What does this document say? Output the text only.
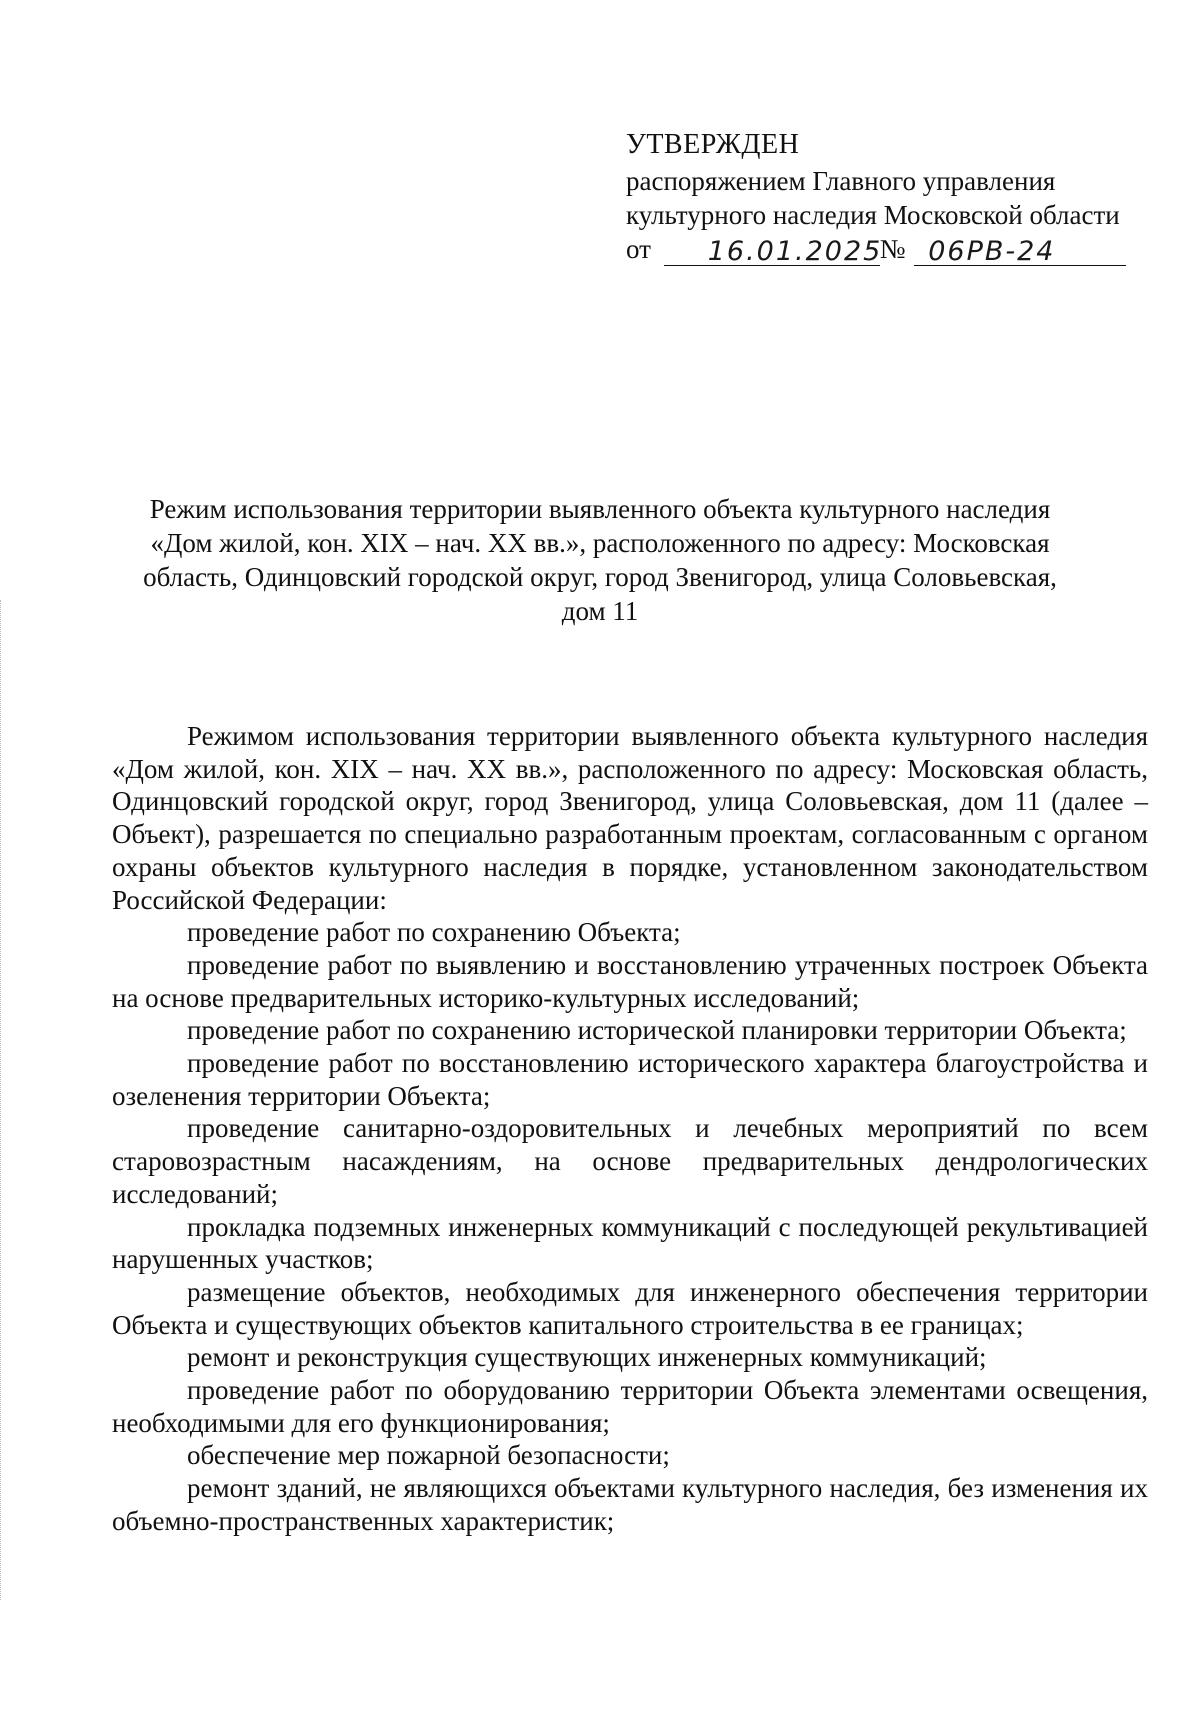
УТВЕРЖДЕН
распоряжением Главного управления
культурного наследия Московской области
от 16.01.2025
№ 06РВ-24
Режим использования территории выявленного объекта культурного наследия
«Дом жилой, кон. XIX – нач. XX вв.», расположенного по адресу: Московская
область, Одинцовский городской округ, город Звенигород, улица Соловьевская,
дом 11

Режимом использования территории выявленного объекта культурного наследия «Дом жилой, кон. XIX – нач. XX вв.», расположенного по адресу: Московская область, Одинцовский городской округ, город Звенигород, улица Соловьевская, дом 11 (далее – Объект), разрешается по специально разработанным проектам, согласованным с органом охраны объектов культурного наследия в порядке, установленном законодательством Российской Федерации:

проведение работ по сохранению Объекта;

проведение работ по выявлению и восстановлению утраченных построек Объекта на основе предварительных историко-культурных исследований;

проведение работ по сохранению исторической планировки территории Объекта;

проведение работ по восстановлению исторического характера благоустройства и озеленения территории Объекта;

проведение санитарно-оздоровительных и лечебных мероприятий по всем старовозрастным насаждениям, на основе предварительных дендрологических исследований;

прокладка подземных инженерных коммуникаций с последующей рекультивацией нарушенных участков;

размещение объектов, необходимых для инженерного обеспечения территории Объекта и существующих объектов капитального строительства в ее границах;

ремонт и реконструкция существующих инженерных коммуникаций;

проведение работ по оборудованию территории Объекта элементами освещения, необходимыми для его функционирования;

обеспечение мер пожарной безопасности;

ремонт зданий, не являющихся объектами культурного наследия, без изменения их объемно-пространственных характеристик;
